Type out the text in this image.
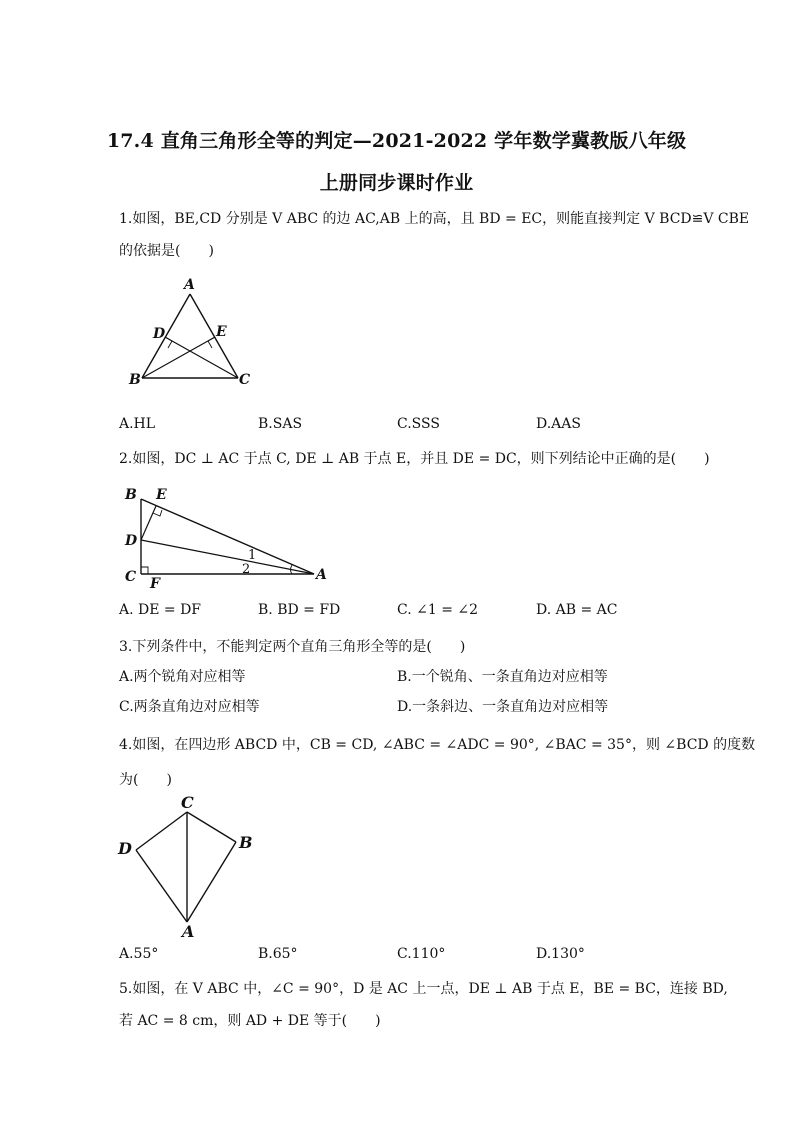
17.4 直角三角形全等的判定—2021-2022 学年数学冀教版八年级
上册同步课时作业
1.如图，BE,CD 分别是 V ABC 的边 AC,AB 上的高，且 BD = EC，则能直接判定 V BCD≌V CBE
的依据是(　　)
A
D	E
B	C
A.HL	B.SAS	C.SSS	D.AAS
2.如图，DC ⊥ AC 于点 C, DE ⊥ AB 于点 E，并且 DE = DC，则下列结论中正确的是(　　)
B E
D
C F
A
1
2
A. DE = DF	B. BD = FD	C. ∠1 = ∠2	D. AB = AC
3.下列条件中，不能判定两个直角三角形全等的是(　　)
A.两个锐角对应相等	B.一个锐角、一条直角边对应相等
C.两条直角边对应相等	D.一条斜边、一条直角边对应相等
4.如图，在四边形 ABCD 中，CB = CD, ∠ABC = ∠ADC = 90°, ∠BAC = 35°，则 ∠BCD 的度数
为(　　)
C
D	B
A
A.55°	B.65°	C.110°	D.130°
5.如图，在 V ABC 中，∠C = 90°，D 是 AC 上一点，DE ⊥ AB 于点 E，BE = BC，连接 BD,
若 AC = 8 cm，则 AD + DE 等于(　　)
